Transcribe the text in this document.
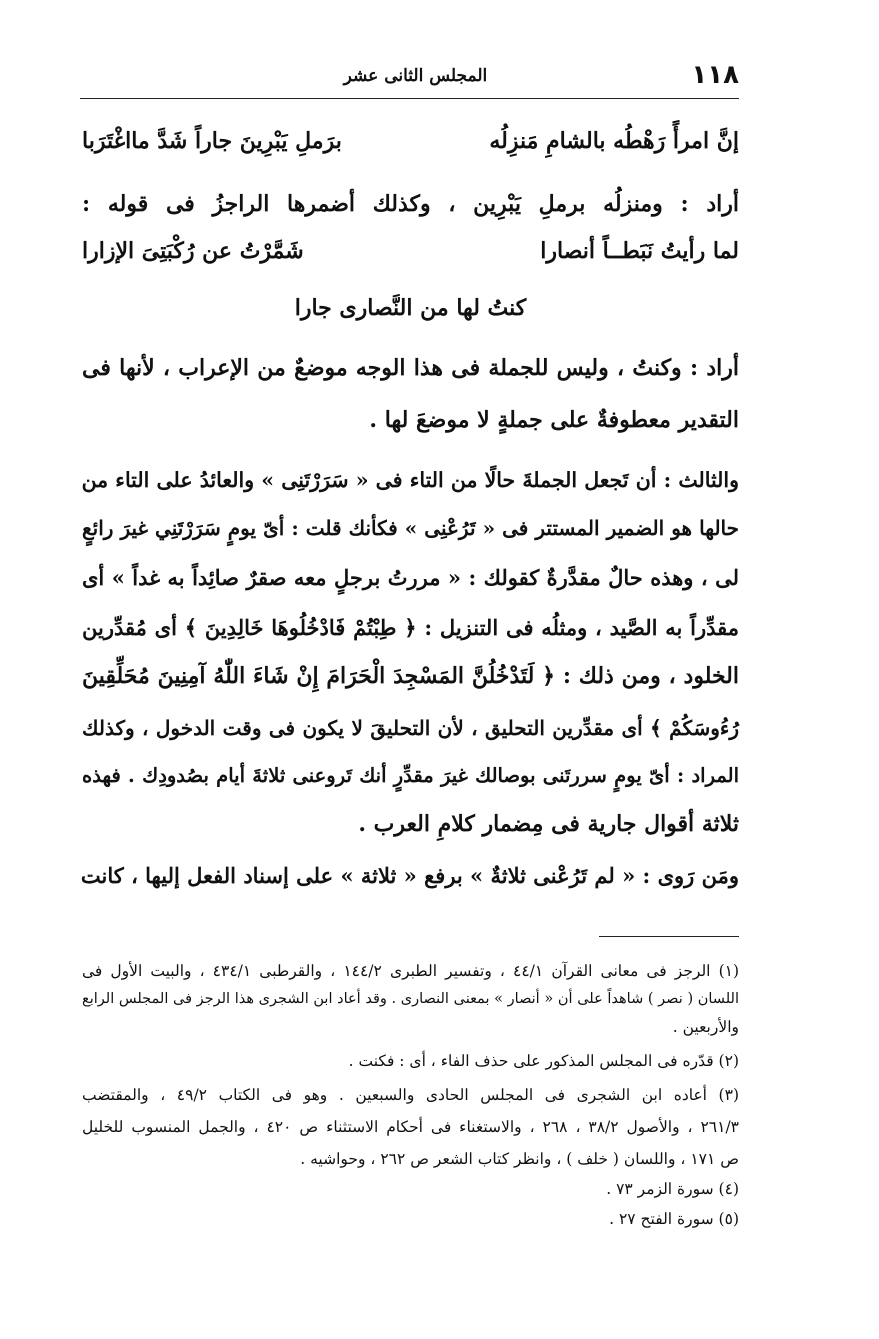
١١٨
المجلس الثانى عشر
إنَّ امرأً رَهْطُه بالشامِ مَنزِلُه
برَملِ يَبْرِينَ جاراً شَدَّ مااغْتَرَبا
أراد : ومنزلُه برملِ يَبْرِين ، وكذلك أضمرها الراجزُ فى قوله :
لما رأيتُ نَبَطــاً أنصارا
شَمَّرْتُ عن رُكْبَتِىَ الإزارا
كنتُ لها من النَّصارى جارا
أراد : وكنتُ ، وليس للجملة فى هذا الوجه موضعٌ من الإعراب ، لأنها فى
التقدير معطوفةٌ على جملةٍ لا موضعَ لها .
والثالث : أن تَجعل الجملةَ حالًا من التاء فى « سَرَرْتَنِى » والعائدُ على التاء من
حالها هو الضمير المستتر فى « تَرُعْنِى » فكأنك قلت : أىّ يومٍ سَرَرْتَنِي غيرَ رائعٍ
لى ، وهذه حالٌ مقدَّرةٌ كقولك : « مررتُ برجلٍ معه صقرٌ صائِداً به غداً » أى
مقدِّراً به الصَّيد ، ومثلُه فى التنزيل : ﴿ طِبْتُمْ فَادْخُلُوهَا خَالِدِينَ ﴾ أى مُقدِّرين
الخلود ، ومن ذلك : ﴿ لَتَدْخُلُنَّ المَسْجِدَ الْحَرَامَ إِنْ شَاءَ اللّٰهُ آمِنِينَ مُحَلِّقِينَ
رُءُوسَكُمْ ﴾ أى مقدِّرين التحليق ، لأن التحليقَ لا يكون فى وقت الدخول ، وكذلك
المراد : أىّ يومٍ سررتَنى بوصالك غيرَ مقدِّرٍ أنك تَروعنى ثلاثةَ أيام بصُدودِك . فهذه
ثلاثة أقوال جارية فى مِضمار كلامِ العرب .
ومَن رَوى : « لم تَرُعْنى ثلاثةٌ » برفع « ثلاثة » على إسناد الفعل إليها ، كانت
(١) الرجز فى معانى القرآن ٤٤/١ ، وتفسير الطبرى ١٤٤/٢ ، والقرطبى ٤٣٤/١ ، والبيت الأول فى
اللسان ( نصر ) شاهداً على أن « أنصار » بمعنى النصارى . وقد أعاد ابن الشجرى هذا الرجز فى المجلس الرابع
والأربعين .
(٢) قدّره فى المجلس المذكور على حذف الفاء ، أى : فكنت .
(٣) أعاده ابن الشجرى فى المجلس الحادى والسبعين . وهو فى الكتاب ٤٩/٢ ، والمقتضب
٢٦١/٣ ، والأصول ٣٨/٢ ، ٢٦٨ ، والاستغناء فى أحكام الاستثناء ص ٤٢٠ ، والجمل المنسوب للخليل
ص ١٧١ ، واللسان ( خلف ) ، وانظر كتاب الشعر ص ٢٦٢ ، وحواشيه .
(٤) سورة الزمر ٧٣ .
(٥) سورة الفتح ٢٧ .
